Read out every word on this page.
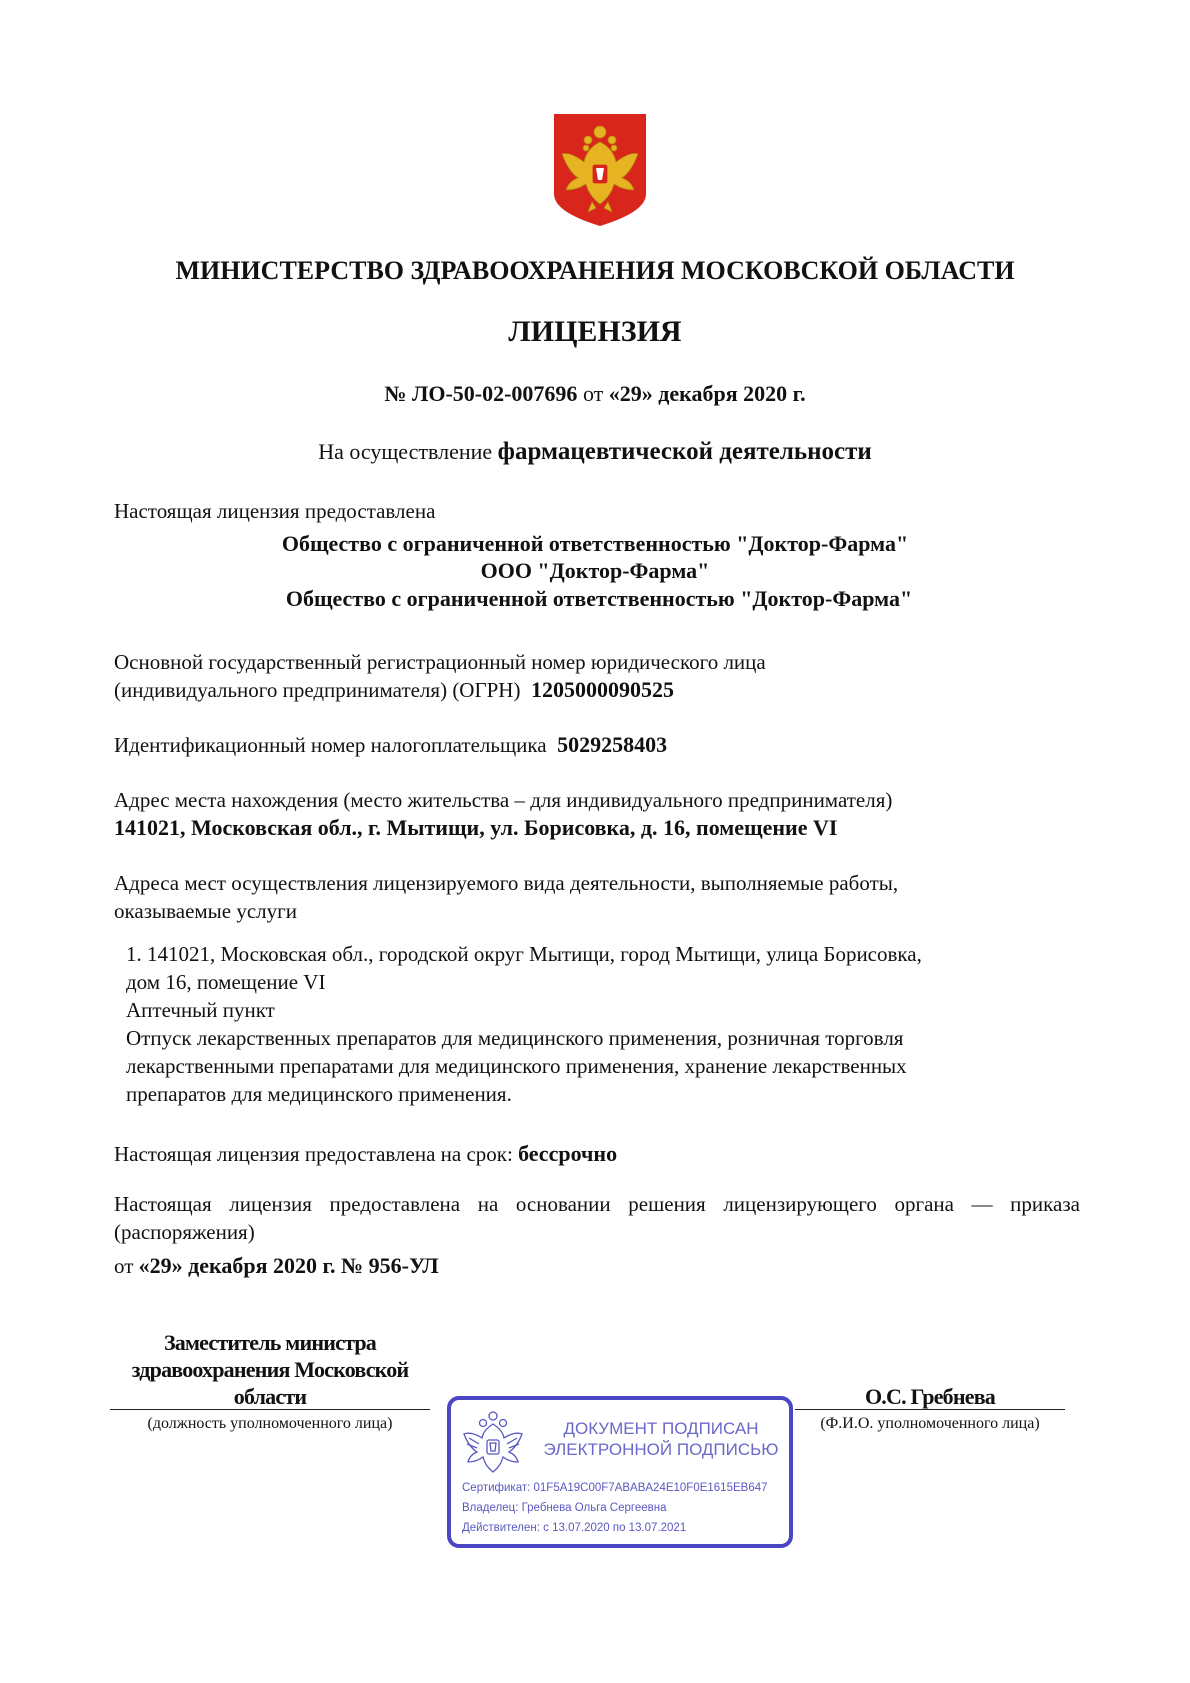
МИНИСТЕРСТВО ЗДРАВООХРАНЕНИЯ МОСКОВСКОЙ ОБЛАСТИ
ЛИЦЕНЗИЯ
№ ЛО-50-02-007696 от «29» декабря 2020 г.
На осуществление фармацевтической деятельности
Настоящая лицензия предоставлена
Общество с ограниченной ответственностью "Доктор-Фарма"
ООО "Доктор-Фарма"
Общество с ограниченной ответственностью "Доктор-Фарма"
Основной государственный регистрационный номер юридического лица
(индивидуального предпринимателя) (ОГРН) 1205000090525
Идентификационный номер налогоплательщика 5029258403
Адрес места нахождения (место жительства – для индивидуального предпринимателя)
141021, Московская обл., г. Мытищи, ул. Борисовка, д. 16, помещение VI
Адреса мест осуществления лицензируемого вида деятельности, выполняемые работы,
оказываемые услуги
1. 141021, Московская обл., городской округ Мытищи, город Мытищи, улица Борисовка,
дом 16, помещение VI
Аптечный пункт
Отпуск лекарственных препаратов для медицинского применения, розничная торговля
лекарственными препаратами для медицинского применения, хранение лекарственных
препаратов для медицинского применения.
Настоящая лицензия предоставлена на срок: бессрочно
Настоящая лицензия предоставлена на основании решения лицензирующего органа — приказа (распоряжения)
от «29» декабря 2020 г. № 956-УЛ
Заместитель министра
здравоохранения Московской
области
(должность уполномоченного лица)
О.С. Гребнева
(Ф.И.О. уполномоченного лица)
ДОКУМЕНТ ПОДПИСАН
ЭЛЕКТРОННОЙ ПОДПИСЬЮ
Сертификат: 01F5A19C00F7ABABA24E10F0E1615EB647
Владелец: Гребнева Ольга Сергеевна
Действителен: с 13.07.2020 по 13.07.2021
